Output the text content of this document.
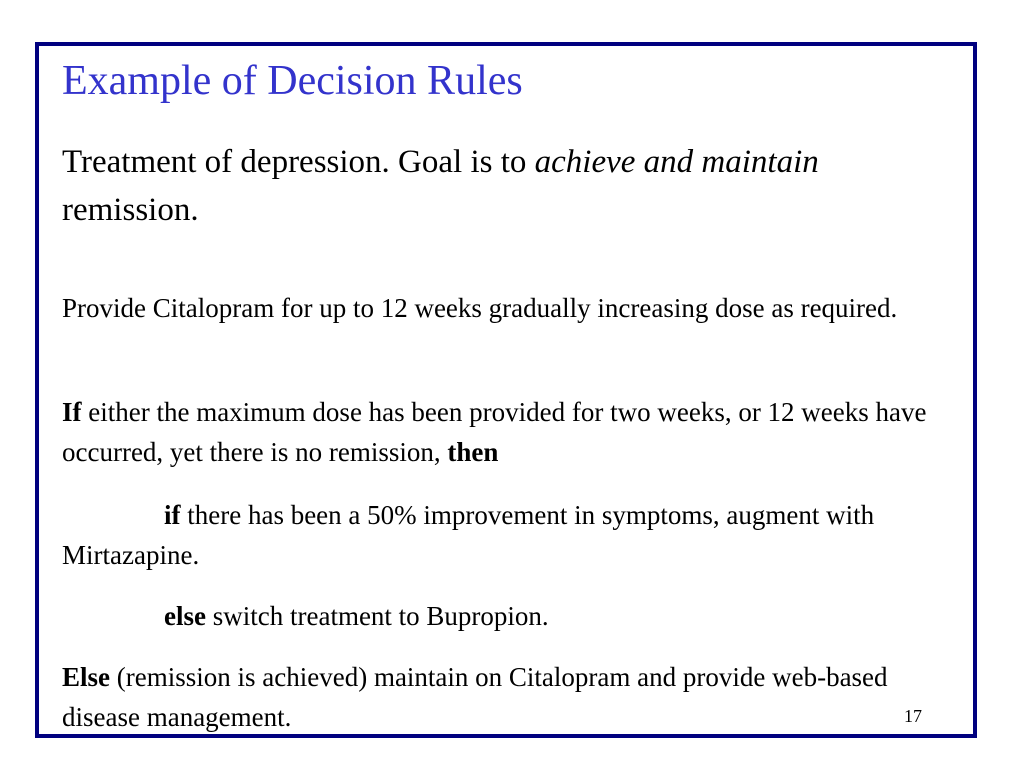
Example of Decision Rules
Treatment of depression. Goal is to achieve and maintain remission.
Provide Citalopram for up to 12 weeks gradually increasing dose as required.
If either the maximum dose has been provided for two weeks, or 12 weeks have occurred, yet there is no remission, then
if there has been a 50% improvement in symptoms, augment with Mirtazapine.
else switch treatment to Bupropion.
Else (remission is achieved) maintain on Citalopram and provide web-based disease management.	17
